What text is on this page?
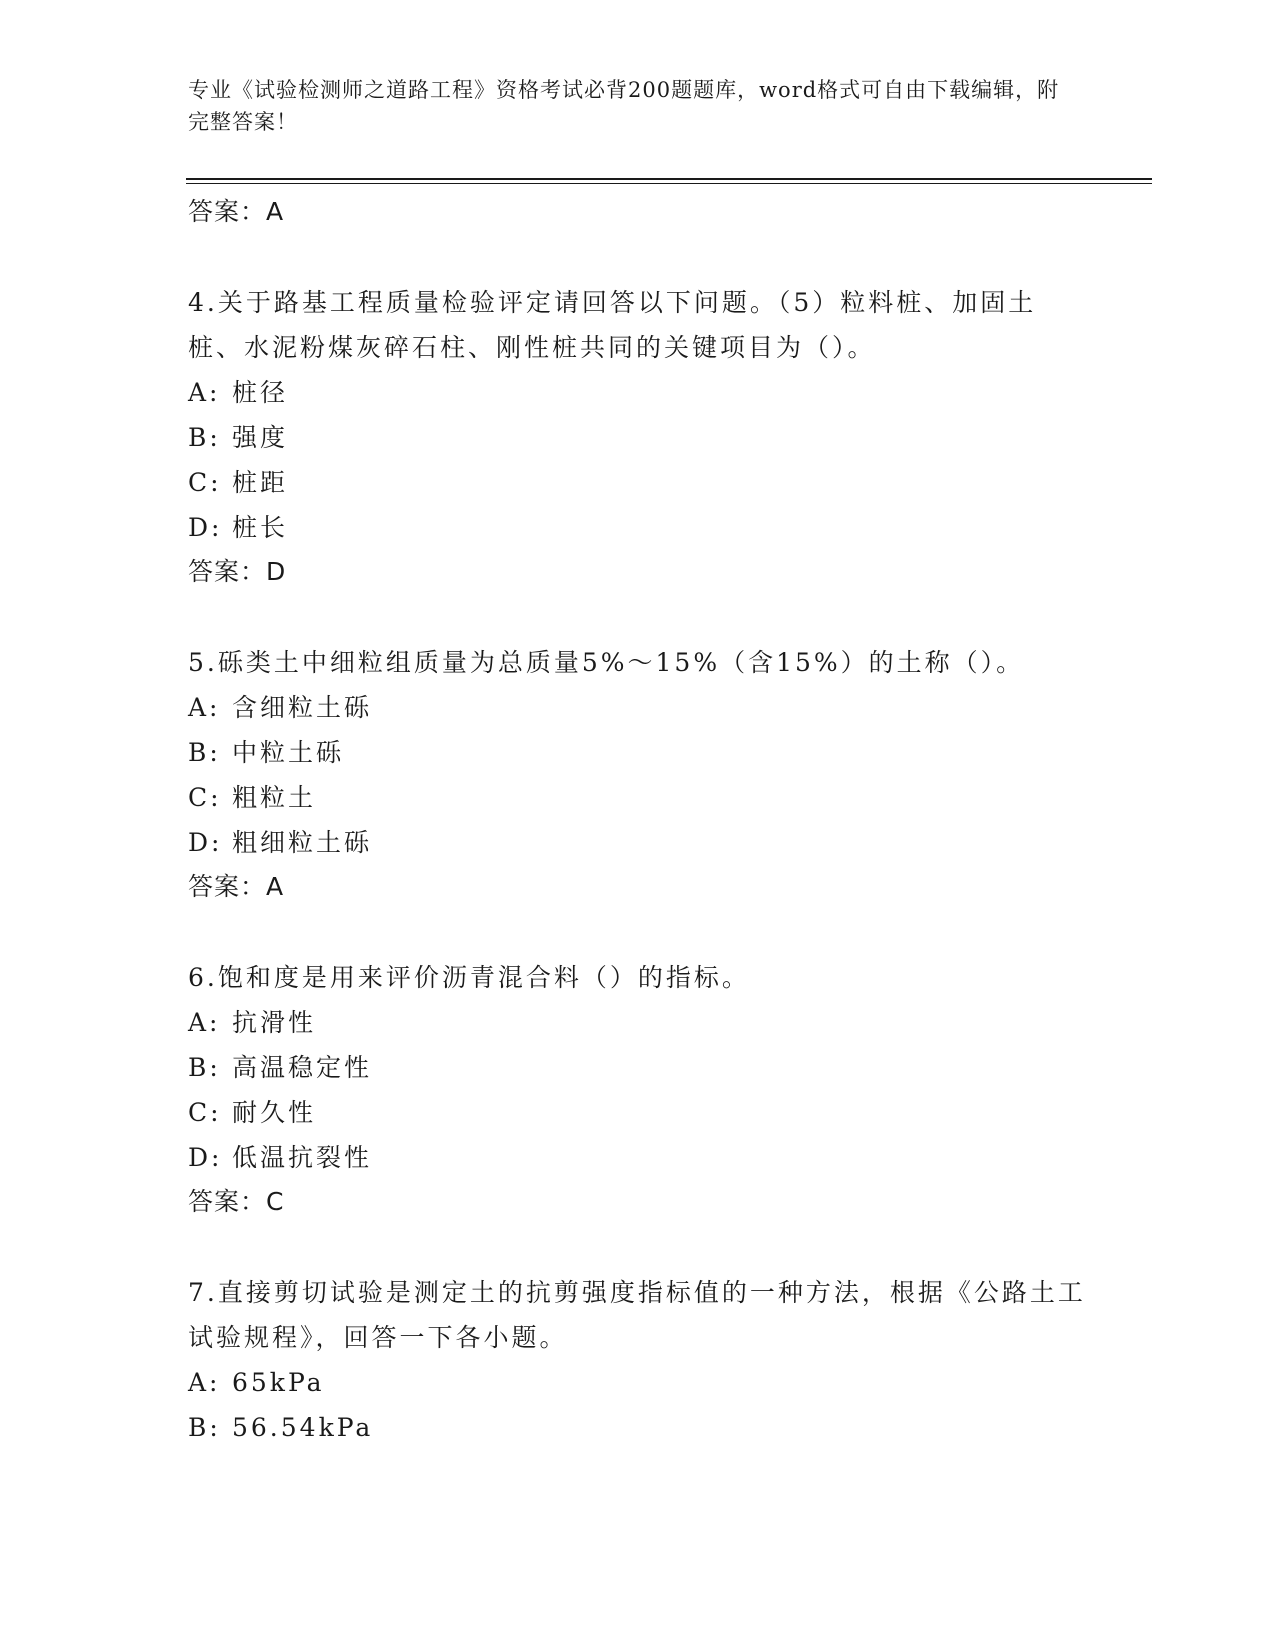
专业《试验检测师之道路工程》资格考试必背200题题库，word格式可自由下载编辑，附完整答案！
答案：A

4.关于路基工程质量检验评定请回答以下问题。（5）粒料桩、加固土桩、水泥粉煤灰碎石柱、刚性桩共同的关键项目为（）。

A: 桩径
B: 强度
C: 桩距
D: 桩长
答案：D

5.砾类土中细粒组质量为总质量5%～15%（含15%）的土称（）。

A: 含细粒土砾
B: 中粒土砾
C: 粗粒土
D: 粗细粒土砾
答案：A

6.饱和度是用来评价沥青混合料（）的指标。

A: 抗滑性
B: 高温稳定性
C: 耐久性
D: 低温抗裂性
答案：C

7.直接剪切试验是测定土的抗剪强度指标值的一种方法，根据《公路土工试验规程》，回答一下各小题。

A: 65kPa
B: 56.54kPa
